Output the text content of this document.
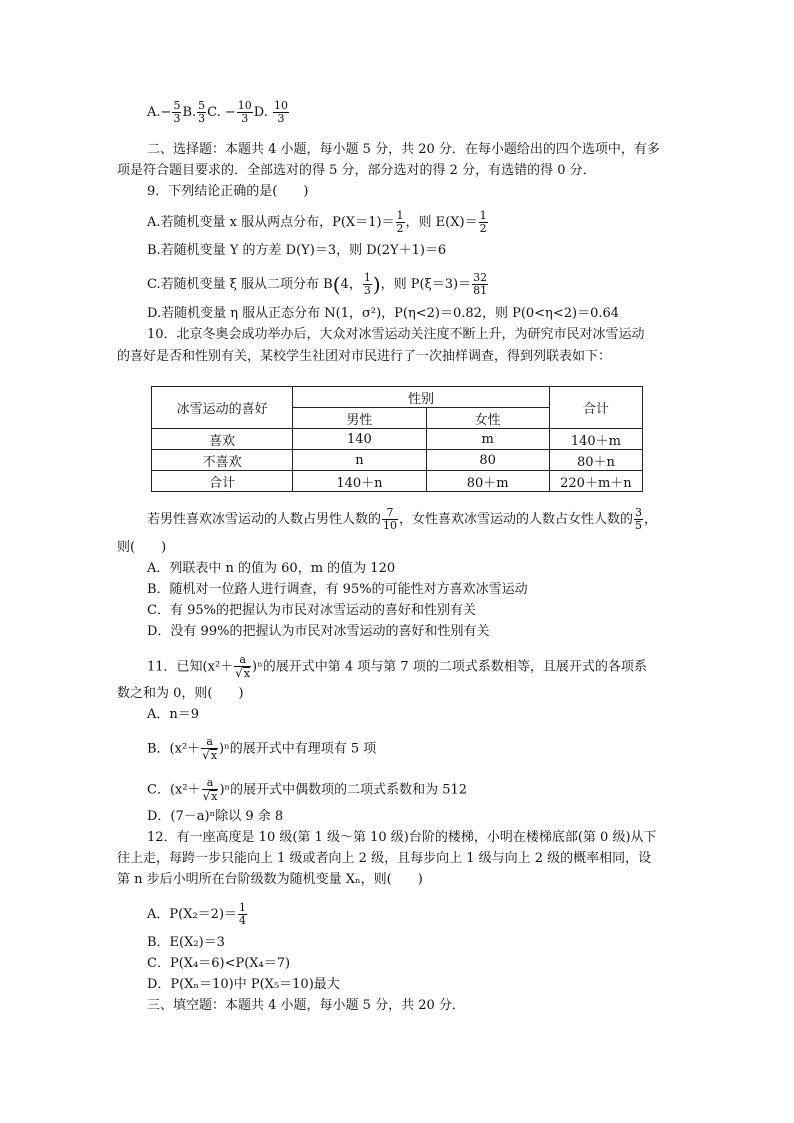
$A.- \frac{5}{3} B$. $\frac{5}{3} C$. − $\frac{10}{3} D$. $\frac{10}{3}$
二、选择题：本题共 4 小题，每小题 5 分，共 20 分．在每小题给出的四个选项中，有多
项是符合题目要求的．全部选对的得 5 分，部分选对的得 2 分，有选错的得 0 分．
9．下列结论正确的是(　　)
A.若随机变量 x 服从两点分布，$P(X=1)= \frac{1}{2}$ ，则 $E(X)= \frac{1}{2}$
B.若随机变量 Y 的方差 D(Y)＝3，则 D(2Y＋1)＝6
C.若随机变量 ξ 服从二项分布 B(4， $\frac{1}{3}$ )，则 $P(\xi=3)= \frac{32}{81}$
D.若随机变量 η 服从正态分布 N(1，σ²)，P(η<2)＝0.82，则 P(0<η<2)＝0.64
10．北京冬奥会成功举办后，大众对冰雪运动关注度不断上升，为研究市民对冰雪运动
的喜好是否和性别有关，某校学生社团对市民进行了一次抽样调查，得到列联表如下：
冰雪运动的喜好	性别		合计
	男性	女性	
喜欢	140	m	140＋m
不喜欢	n	80	80＋n
合计	140＋n	80＋m	220＋m＋n
若男性喜欢冰雪运动的人数占男性人数的 $\frac{7}{10}$ ，女性喜欢冰雪运动的人数占女性人数的 $\frac{3}{5}$ ，
则(　　)
A．列联表中 n 的值为 60，m 的值为 120
B．随机对一位路人进行调查，有 95%的可能性对方喜欢冰雪运动
C．有 95%的把握认为市民对冰雪运动的喜好和性别有关
D．没有 99%的把握认为市民对冰雪运动的喜好和性别有关
11．已知$(x^2+ \frac{a}{√x} )^n$的展开式中第 4 项与第 7 项的二项式系数相等，且展开式的各项系
数之和为 0，则(　　)
A．n＝9
B．$(x^2+ \frac{a}{√x} )^n$的展开式中有理项有 5 项
C．$(x^2+ \frac{a}{√x} )^n$的展开式中偶数项的二项式系数和为 512
D．(7－a)ⁿ除以 9 余 8
12．有一座高度是 10 级(第 1 级～第 10 级)台阶的楼梯，小明在楼梯底部(第 0 级)从下
往上走，每跨一步只能向上 1 级或者向上 2 级，且每步向上 1 级与向上 2 级的概率相同，设
第 n 步后小明所在台阶级数为随机变量 Xₙ，则(　　)
A．$P(X_2=2)= \frac{1}{4}$
B．E(X₂)＝3
C．P(X₄＝6)<P(X₄＝7)
D．P(Xₙ＝10)中 P(X₅＝10)最大
三、填空题：本题共 4 小题，每小题 5 分，共 20 分．
